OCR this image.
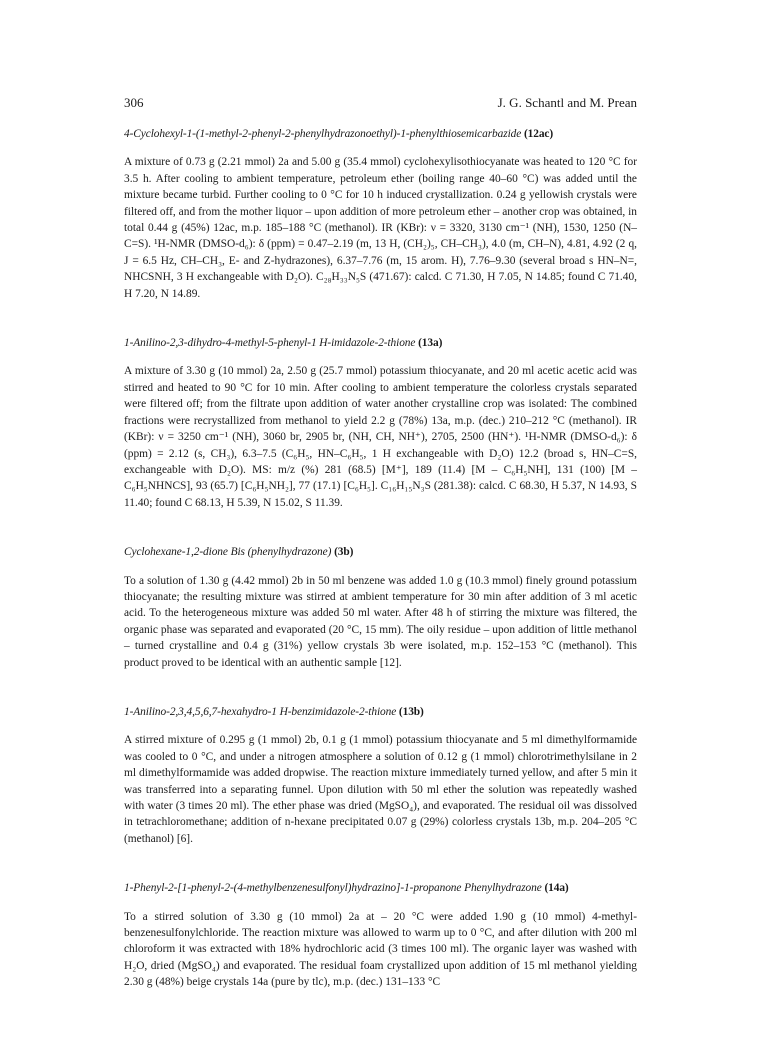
306	J. G. Schantl and M. Prean
4-Cyclohexyl-1-(1-methyl-2-phenyl-2-phenylhydrazonoethyl)-1-phenylthiosemicarbazide (12ac)

A mixture of 0.73 g (2.21 mmol) 2a and 5.00 g (35.4 mmol) cyclohexylisothiocyanate was heated to 120 °C for 3.5 h. After cooling to ambient temperature, petroleum ether (boiling range 40–60 °C) was added until the mixture became turbid. Further cooling to 0 °C for 10 h induced crystallization. 0.24 g yellowish crystals were filtered off, and from the mother liquor – upon addition of more petroleum ether – another crop was obtained, in total 0.44 g (45%) 12ac, m.p. 185–188 °C (methanol). IR (KBr): ν = 3320, 3130 cm⁻¹ (NH), 1530, 1250 (N–C=S). ¹H-NMR (DMSO-d₆): δ (ppm) = 0.47–2.19 (m, 13 H, (CH₂)₅, CH–CH₃), 4.0 (m, CH–N), 4.81, 4.92 (2 q, J = 6.5 Hz, CH–CH₃, E- and Z-hydrazones), 6.37–7.76 (m, 15 arom. H), 7.76–9.30 (several broad s HN–N=, NHCSNH, 3 H exchangeable with D₂O). C₂₈H₃₃N₅S (471.67): calcd. C 71.30, H 7.05, N 14.85; found C 71.40, H 7.20, N 14.89.

1-Anilino-2,3-dihydro-4-methyl-5-phenyl-1 H-imidazole-2-thione (13a)

A mixture of 3.30 g (10 mmol) 2a, 2.50 g (25.7 mmol) potassium thiocyanate, and 20 ml acetic acetic acid was stirred and heated to 90 °C for 10 min. After cooling to ambient temperature the colorless crystals separated were filtered off; from the filtrate upon addition of water another crystalline crop was isolated: The combined fractions were recrystallized from methanol to yield 2.2 g (78%) 13a, m.p. (dec.) 210–212 °C (methanol). IR (KBr): ν = 3250 cm⁻¹ (NH), 3060 br, 2905 br, (NH, CH, NH⁺), 2705, 2500 (HN⁺). ¹H-NMR (DMSO-d₆): δ (ppm) = 2.12 (s, CH₃), 6.3–7.5 (C₆H₅, HN–C₆H₅, 1 H exchangeable with D₂O) 12.2 (broad s, HN–C=S, exchangeable with D₂O). MS: m/z (%) 281 (68.5) [M⁺], 189 (11.4) [M – C₆H₅NH], 131 (100) [M – C₆H₅NHNCS], 93 (65.7) [C₆H₅NH₂], 77 (17.1) [C₆H₅]. C₁₆H₁₅N₃S (281.38): calcd. C 68.30, H 5.37, N 14.93, S 11.40; found C 68.13, H 5.39, N 15.02, S 11.39.

Cyclohexane-1,2-dione Bis (phenylhydrazone) (3b)

To a solution of 1.30 g (4.42 mmol) 2b in 50 ml benzene was added 1.0 g (10.3 mmol) finely ground potassium thiocyanate; the resulting mixture was stirred at ambient temperature for 30 min after addition of 3 ml acetic acid. To the heterogeneous mixture was added 50 ml water. After 48 h of stirring the mixture was filtered, the organic phase was separated and evaporated (20 °C, 15 mm). The oily residue – upon addition of little methanol – turned crystalline and 0.4 g (31%) yellow crystals 3b were isolated, m.p. 152–153 °C (methanol). This product proved to be identical with an authentic sample [12].

1-Anilino-2,3,4,5,6,7-hexahydro-1 H-benzimidazole-2-thione (13b)

A stirred mixture of 0.295 g (1 mmol) 2b, 0.1 g (1 mmol) potassium thiocyanate and 5 ml dimethylformamide was cooled to 0 °C, and under a nitrogen atmosphere a solution of 0.12 g (1 mmol) chlorotrimethylsilane in 2 ml dimethylformamide was added dropwise. The reaction mixture immediately turned yellow, and after 5 min it was transferred into a separating funnel. Upon dilution with 50 ml ether the solution was repeatedly washed with water (3 times 20 ml). The ether phase was dried (MgSO₄), and evaporated. The residual oil was dissolved in tetrachloromethane; addition of n-hexane precipitated 0.07 g (29%) colorless crystals 13b, m.p. 204–205 °C (methanol) [6].

1-Phenyl-2-[1-phenyl-2-(4-methylbenzenesulfonyl)hydrazino]-1-propanone Phenylhydrazone (14a)

To a stirred solution of 3.30 g (10 mmol) 2a at – 20 °C were added 1.90 g (10 mmol) 4-methyl-benzenesulfonylchloride. The reaction mixture was allowed to warm up to 0 °C, and after dilution with 200 ml chloroform it was extracted with 18% hydrochloric acid (3 times 100 ml). The organic layer was washed with H₂O, dried (MgSO₄) and evaporated. The residual foam crystallized upon addition of 15 ml methanol yielding 2.30 g (48%) beige crystals 14a (pure by tlc), m.p. (dec.) 131–133 °C
